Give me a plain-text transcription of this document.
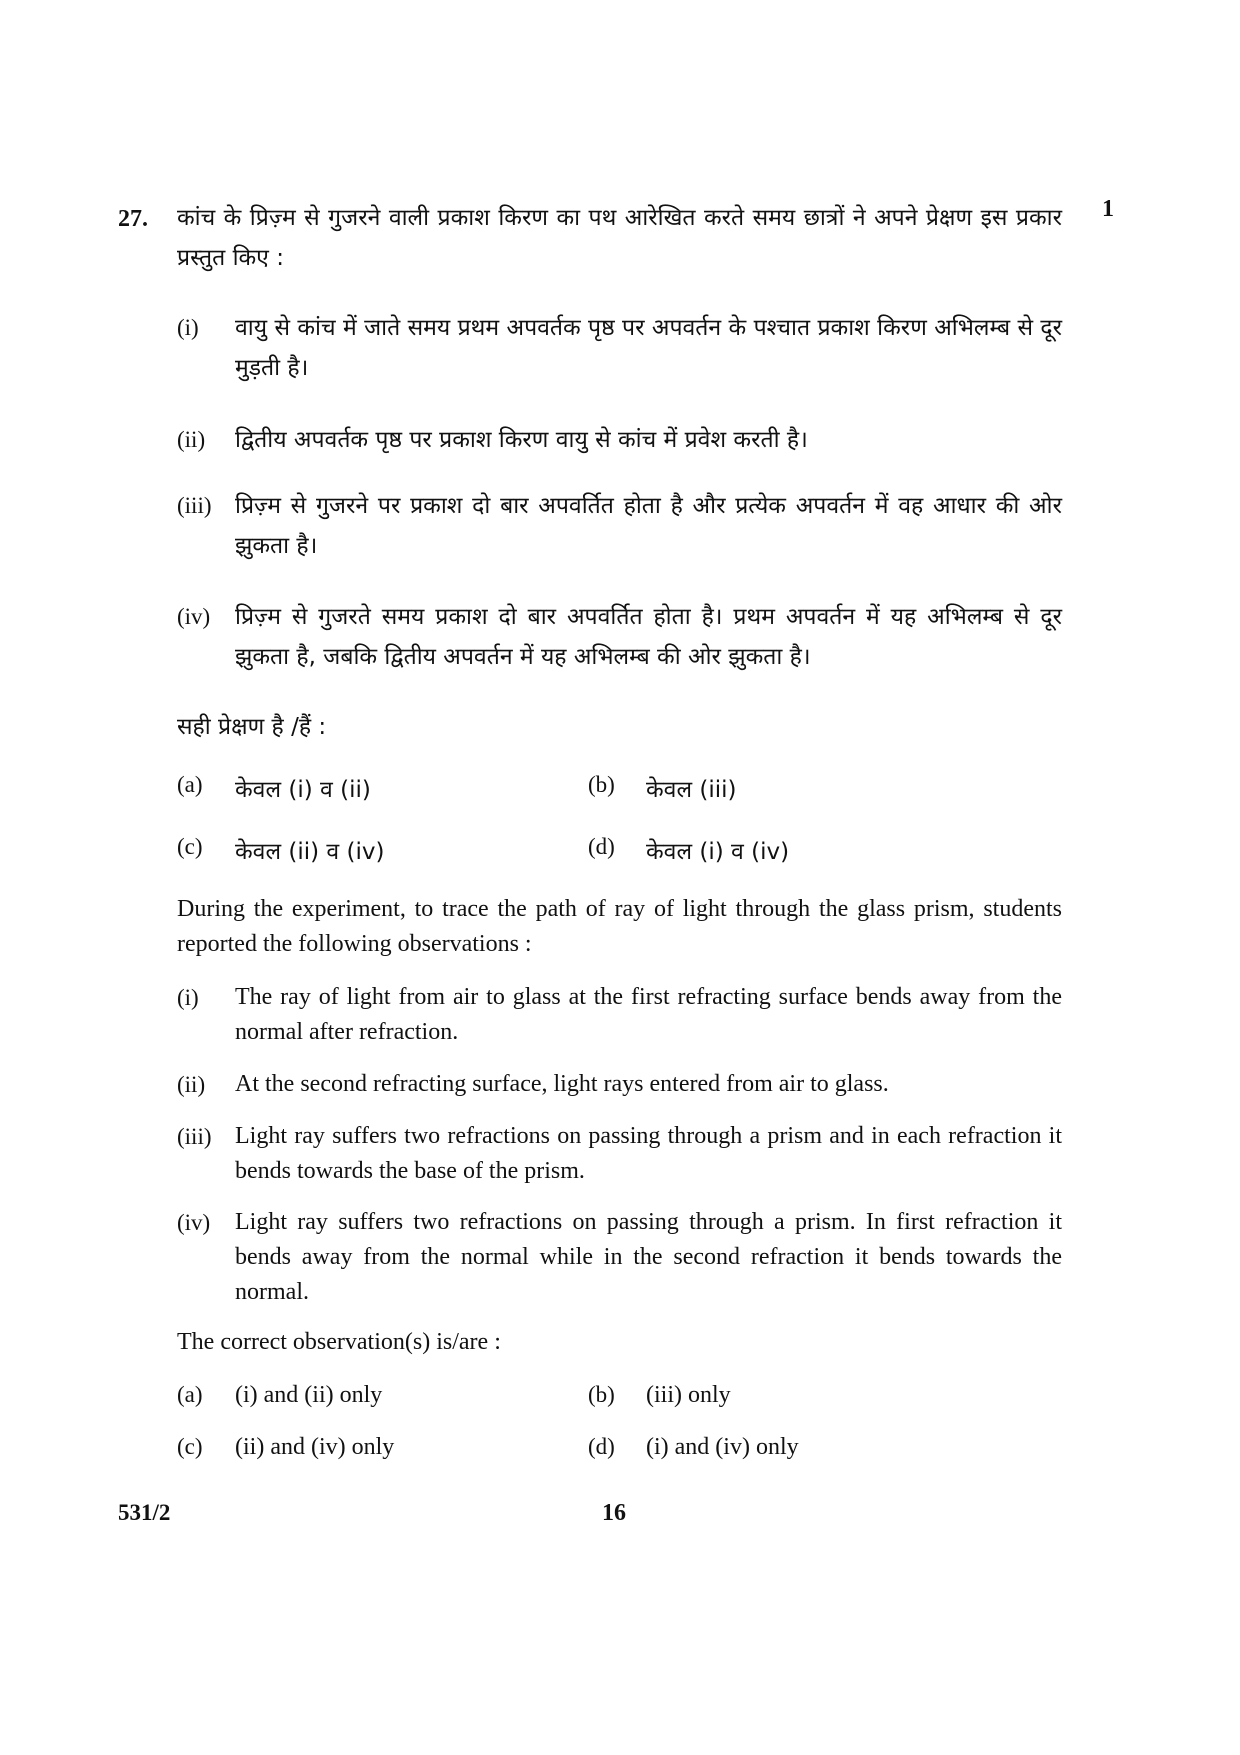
27.	1
कांच के प्रिज़्म से गुजरने वाली प्रकाश किरण का पथ आरेखित करते समय छात्रों ने अपने प्रेक्षण इस प्रकार प्रस्तुत किए :
(i) वायु से कांच में जाते समय प्रथम अपवर्तक पृष्ठ पर अपवर्तन के पश्चात प्रकाश किरण अभिलम्ब से दूर मुड़ती है।
(ii) द्वितीय अपवर्तक पृष्ठ पर प्रकाश किरण वायु से कांच में प्रवेश करती है।
(iii) प्रिज़्म से गुजरने पर प्रकाश दो बार अपवर्तित होता है और प्रत्येक अपवर्तन में वह आधार की ओर झुकता है।
(iv) प्रिज़्म से गुजरते समय प्रकाश दो बार अपवर्तित होता है। प्रथम अपवर्तन में यह अभिलम्ब से दूर झुकता है, जबकि द्वितीय अपवर्तन में यह अभिलम्ब की ओर झुकता है।
सही प्रेक्षण है /हैं :
(a) केवल (i) व (ii)	(b) केवल (iii)
(c) केवल (ii) व (iv)	(d) केवल (i) व (iv)
During the experiment, to trace the path of ray of light through the glass prism, students reported the following observations :
(i) The ray of light from air to glass at the first refracting surface bends away from the normal after refraction.
(ii) At the second refracting surface, light rays entered from air to glass.
(iii) Light ray suffers two refractions on passing through a prism and in each refraction it bends towards the base of the prism.
(iv) Light ray suffers two refractions on passing through a prism. In first refraction it bends away from the normal while in the second refraction it bends towards the normal.
The correct observation(s) is/are :
(a) (i) and (ii) only	(b) (iii) only
(c) (ii) and (iv) only	(d) (i) and (iv) only
531/2	16
